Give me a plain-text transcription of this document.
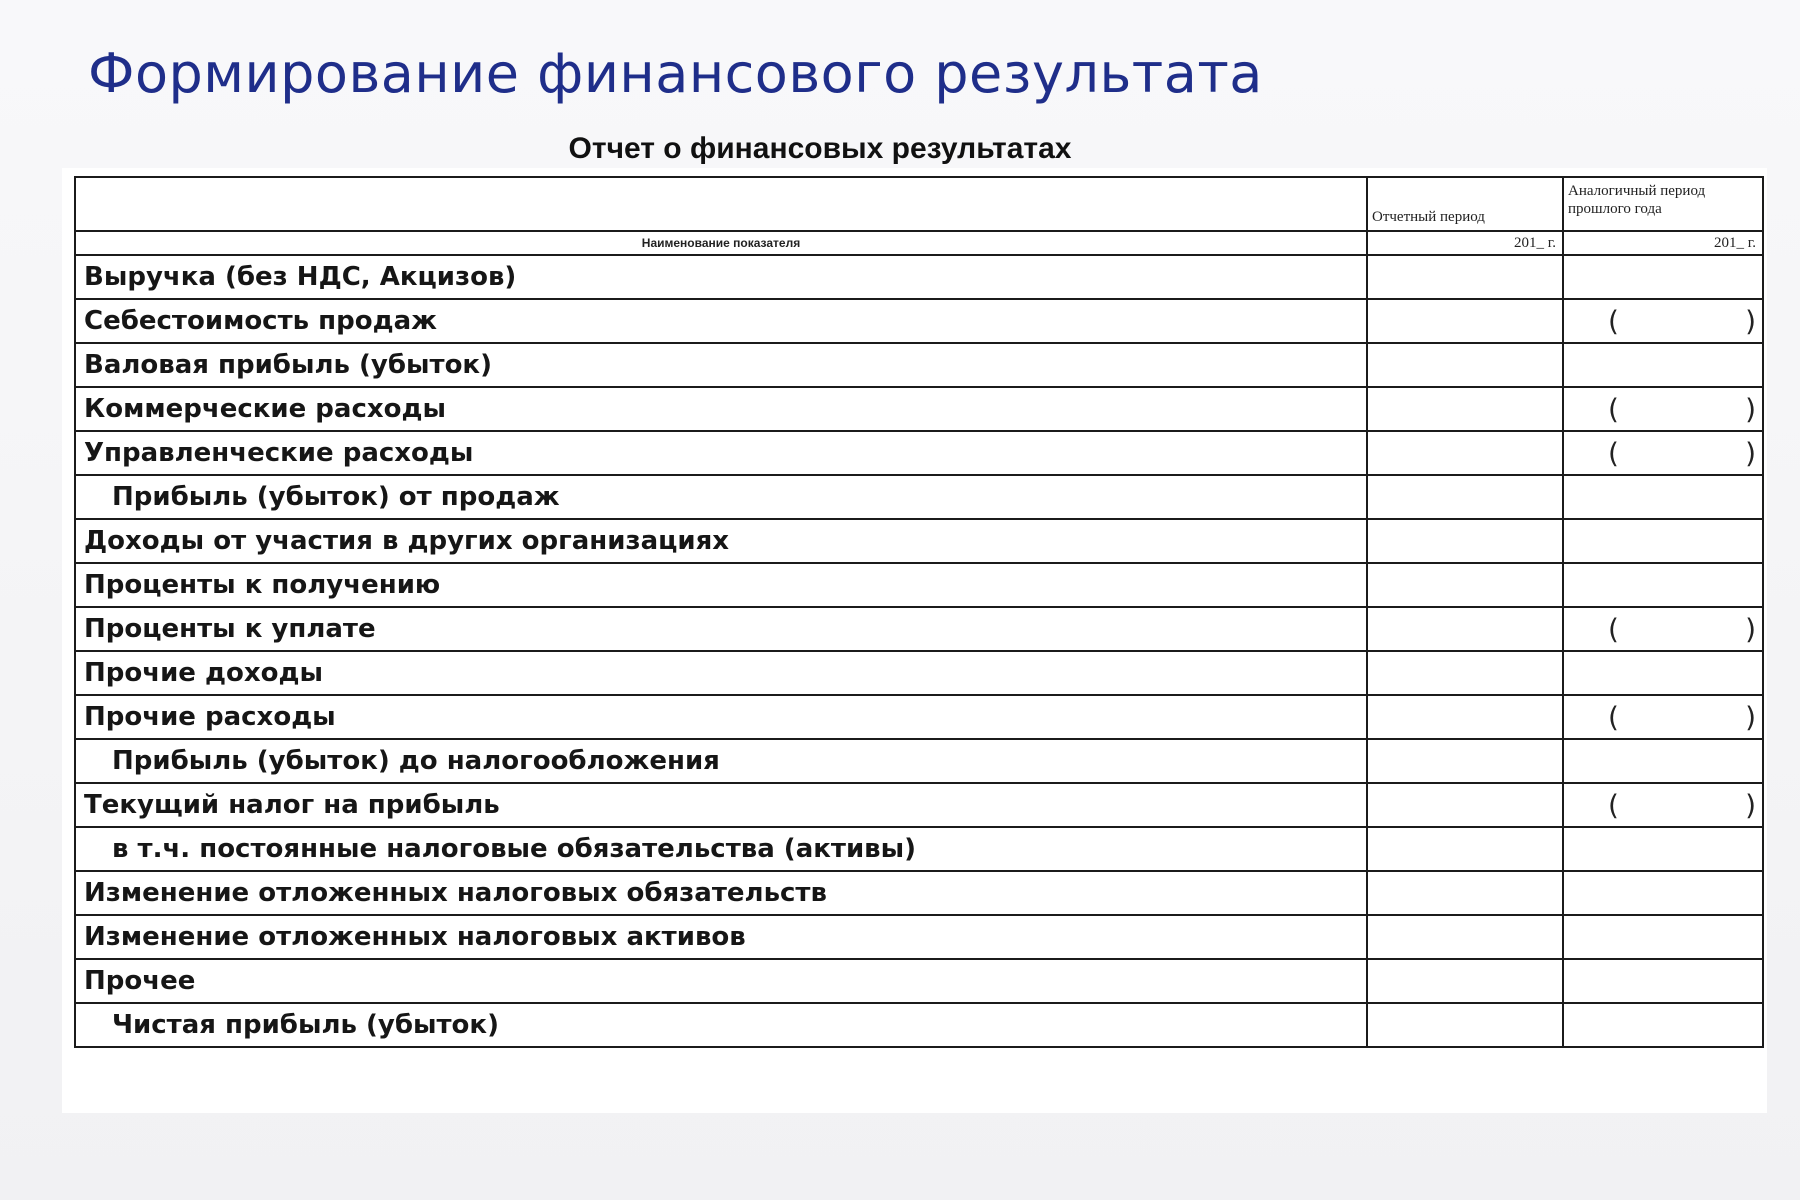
Формирование финансового результата
Отчет о финансовых результатах
	Отчетный период	Аналогичный период прошлого года
Наименование показателя	201_ г.	201_ г.
Выручка (без НДС, Акцизов)		
Себестоимость продаж		( )

Валовая прибыль (убыток)		
Коммерческие расходы		( )

Управленческие расходы		( )

Прибыль (убыток) от продаж		
Доходы от участия в других организациях		
Проценты к получению		
Проценты к уплате		( )

Прочие доходы		
Прочие расходы		( )

Прибыль (убыток) до налогообложения		
Текущий налог на прибыль		( )

в т.ч. постоянные налоговые обязательства (активы)		
Изменение отложенных налоговых обязательств		
Изменение отложенных налоговых активов		
Прочее		
Чистая прибыль (убыток)		
